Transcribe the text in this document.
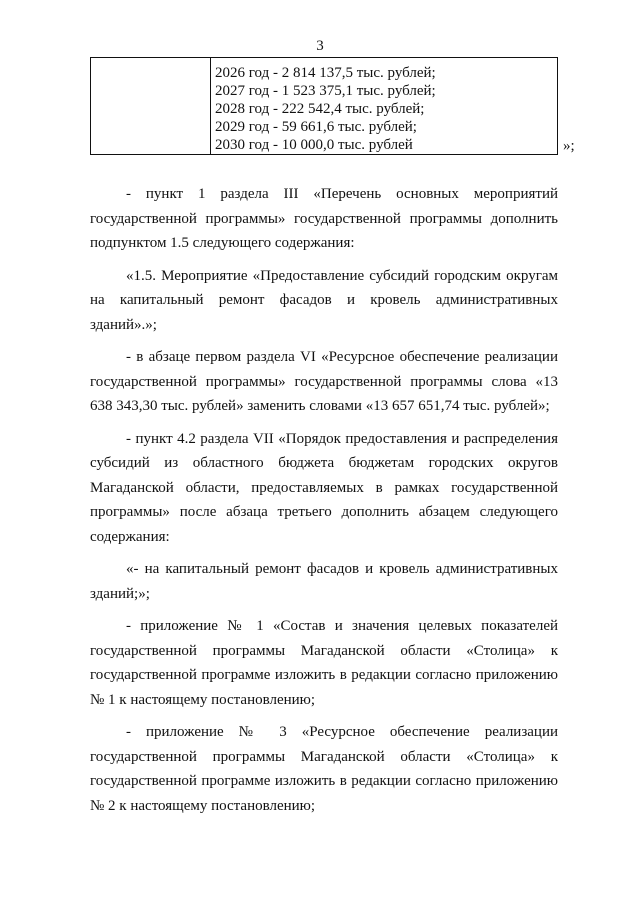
3
2026 год - 2 814 137,5 тыс. рублей;
2027 год - 1 523 375,1 тыс. рублей;
2028 год - 222 542,4 тыс. рублей;
2029 год - 59 661,6 тыс. рублей;
2030 год - 10 000,0 тыс. рублей	»;

- пункт 1 раздела III «Перечень основных мероприятий государственной программы» государственной программы дополнить подпунктом 1.5 следующего содержания:

«1.5. Мероприятие «Предоставление субсидий городским округам на капитальный ремонт фасадов и кровель административных зданий».»;

- в абзаце первом раздела VI «Ресурсное обеспечение реализации государственной программы» государственной программы слова «13 638 343,30 тыс. рублей» заменить словами «13 657 651,74 тыс. рублей»;

- пункт 4.2 раздела VII «Порядок предоставления и распределения субсидий из областного бюджета бюджетам городских округов Магаданской области, предоставляемых в рамках государственной программы» после абзаца третьего дополнить абзацем следующего содержания:

«- на капитальный ремонт фасадов и кровель административных зданий;»;

- приложение № 1 «Состав и значения целевых показателей государственной программы Магаданской области «Столица» к государственной программе изложить в редакции согласно приложению № 1 к настоящему постановлению;

- приложение № 3 «Ресурсное обеспечение реализации государственной программы Магаданской области «Столица» к государственной программе изложить в редакции согласно приложению № 2 к настоящему постановлению;
